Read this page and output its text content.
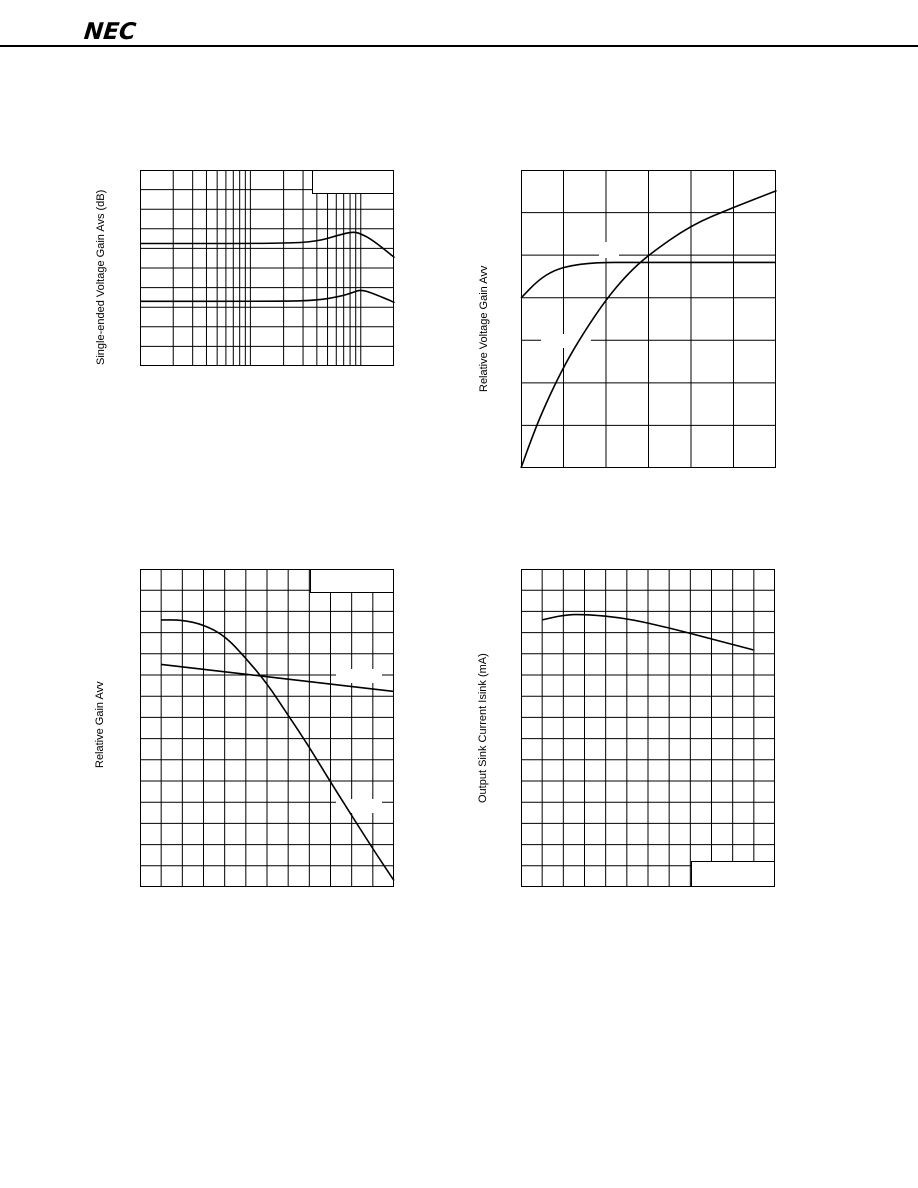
NEC
Single-ended Voltage Gain Avs (dB)	Relative Voltage Gain Avv
Relative Gain Avv	Output Sink Current Isink (mA)
